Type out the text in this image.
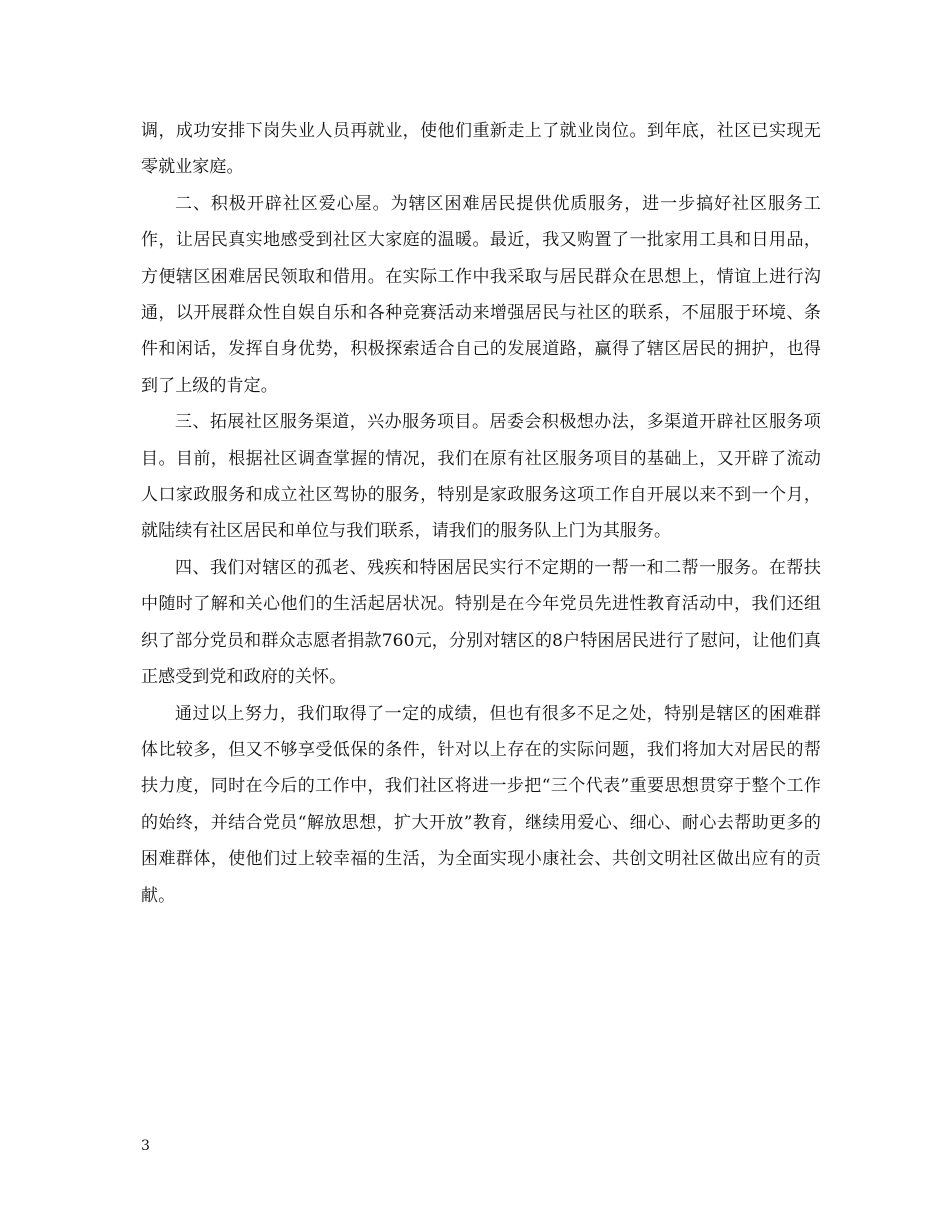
调，成功安排下岗失业人员再就业，使他们重新走上了就业岗位。到年底，社区已实现无零就业家庭。

二、积极开辟社区爱心屋。为辖区困难居民提供优质服务，进一步搞好社区服务工作，让居民真实地感受到社区大家庭的温暖。最近，我又购置了一批家用工具和日用品，方便辖区困难居民领取和借用。在实际工作中我采取与居民群众在思想上，情谊上进行沟通，以开展群众性自娱自乐和各种竞赛活动来增强居民与社区的联系，不屈服于环境、条件和闲话，发挥自身优势，积极探索适合自己的发展道路，赢得了辖区居民的拥护，也得到了上级的肯定。

三、拓展社区服务渠道，兴办服务项目。居委会积极想办法，多渠道开辟社区服务项目。目前，根据社区调查掌握的情况，我们在原有社区服务项目的基础上，又开辟了流动人口家政服务和成立社区驾协的服务，特别是家政服务这项工作自开展以来不到一个月，就陆续有社区居民和单位与我们联系，请我们的服务队上门为其服务。

四、我们对辖区的孤老、残疾和特困居民实行不定期的一帮一和二帮一服务。在帮扶中随时了解和关心他们的生活起居状况。特别是在今年党员先进性教育活动中，我们还组织了部分党员和群众志愿者捐款760元，分别对辖区的8户特困居民进行了慰问，让他们真正感受到党和政府的关怀。

通过以上努力，我们取得了一定的成绩，但也有很多不足之处，特别是辖区的困难群体比较多，但又不够享受低保的条件，针对以上存在的实际问题，我们将加大对居民的帮扶力度，同时在今后的工作中，我们社区将进一步把“三个代表”重要思想贯穿于整个工作的始终，并结合党员“解放思想，扩大开放”教育，继续用爱心、细心、耐心去帮助更多的困难群体，使他们过上较幸福的生活，为全面实现小康社会、共创文明社区做出应有的贡献。

3
